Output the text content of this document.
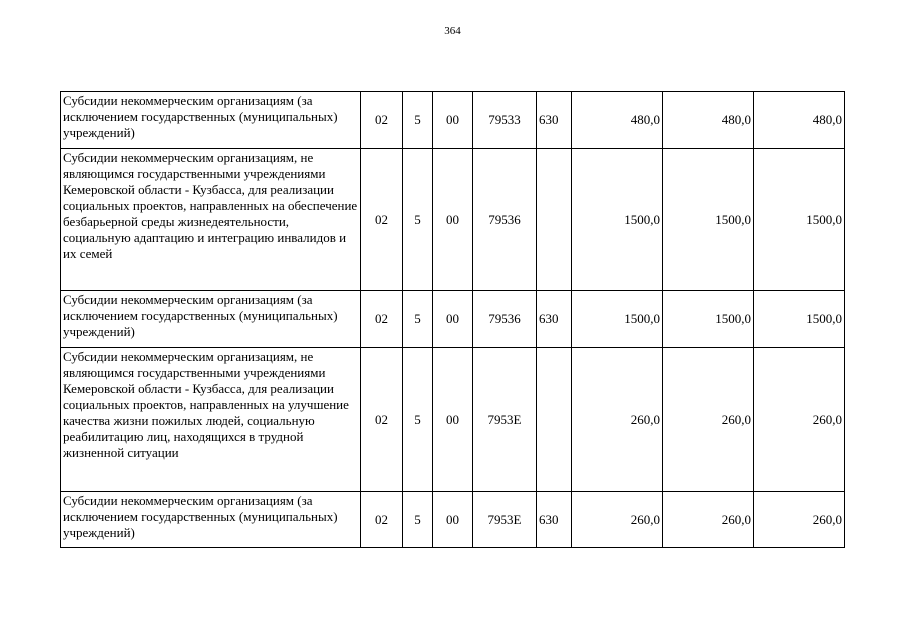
364
Субсидии некоммерческим организациям (за исключением государственных (муниципальных) учреждений)	02	5	00	79533	630	480,0	480,0	480,0
Субсидии некоммерческим организациям, не являющимся государственными учреждениями Кемеровской области - Кузбасса, для реализации социальных проектов, направленных на обеспечение безбарьерной среды жизнедеятельности, социальную адаптацию и интеграцию инвалидов и их семей	02	5	00	79536		1500,0	1500,0	1500,0
Субсидии некоммерческим организациям (за исключением государственных (муниципальных) учреждений)	02	5	00	79536	630	1500,0	1500,0	1500,0
Субсидии некоммерческим организациям, не являющимся государственными учреждениями Кемеровской области - Кузбасса, для реализации социальных проектов, направленных на улучшение качества жизни пожилых людей, социальную реабилитацию лиц, находящихся в трудной жизненной ситуации	02	5	00	7953E		260,0	260,0	260,0
Субсидии некоммерческим организациям (за исключением государственных (муниципальных) учреждений)	02	5	00	7953E	630	260,0	260,0	260,0
